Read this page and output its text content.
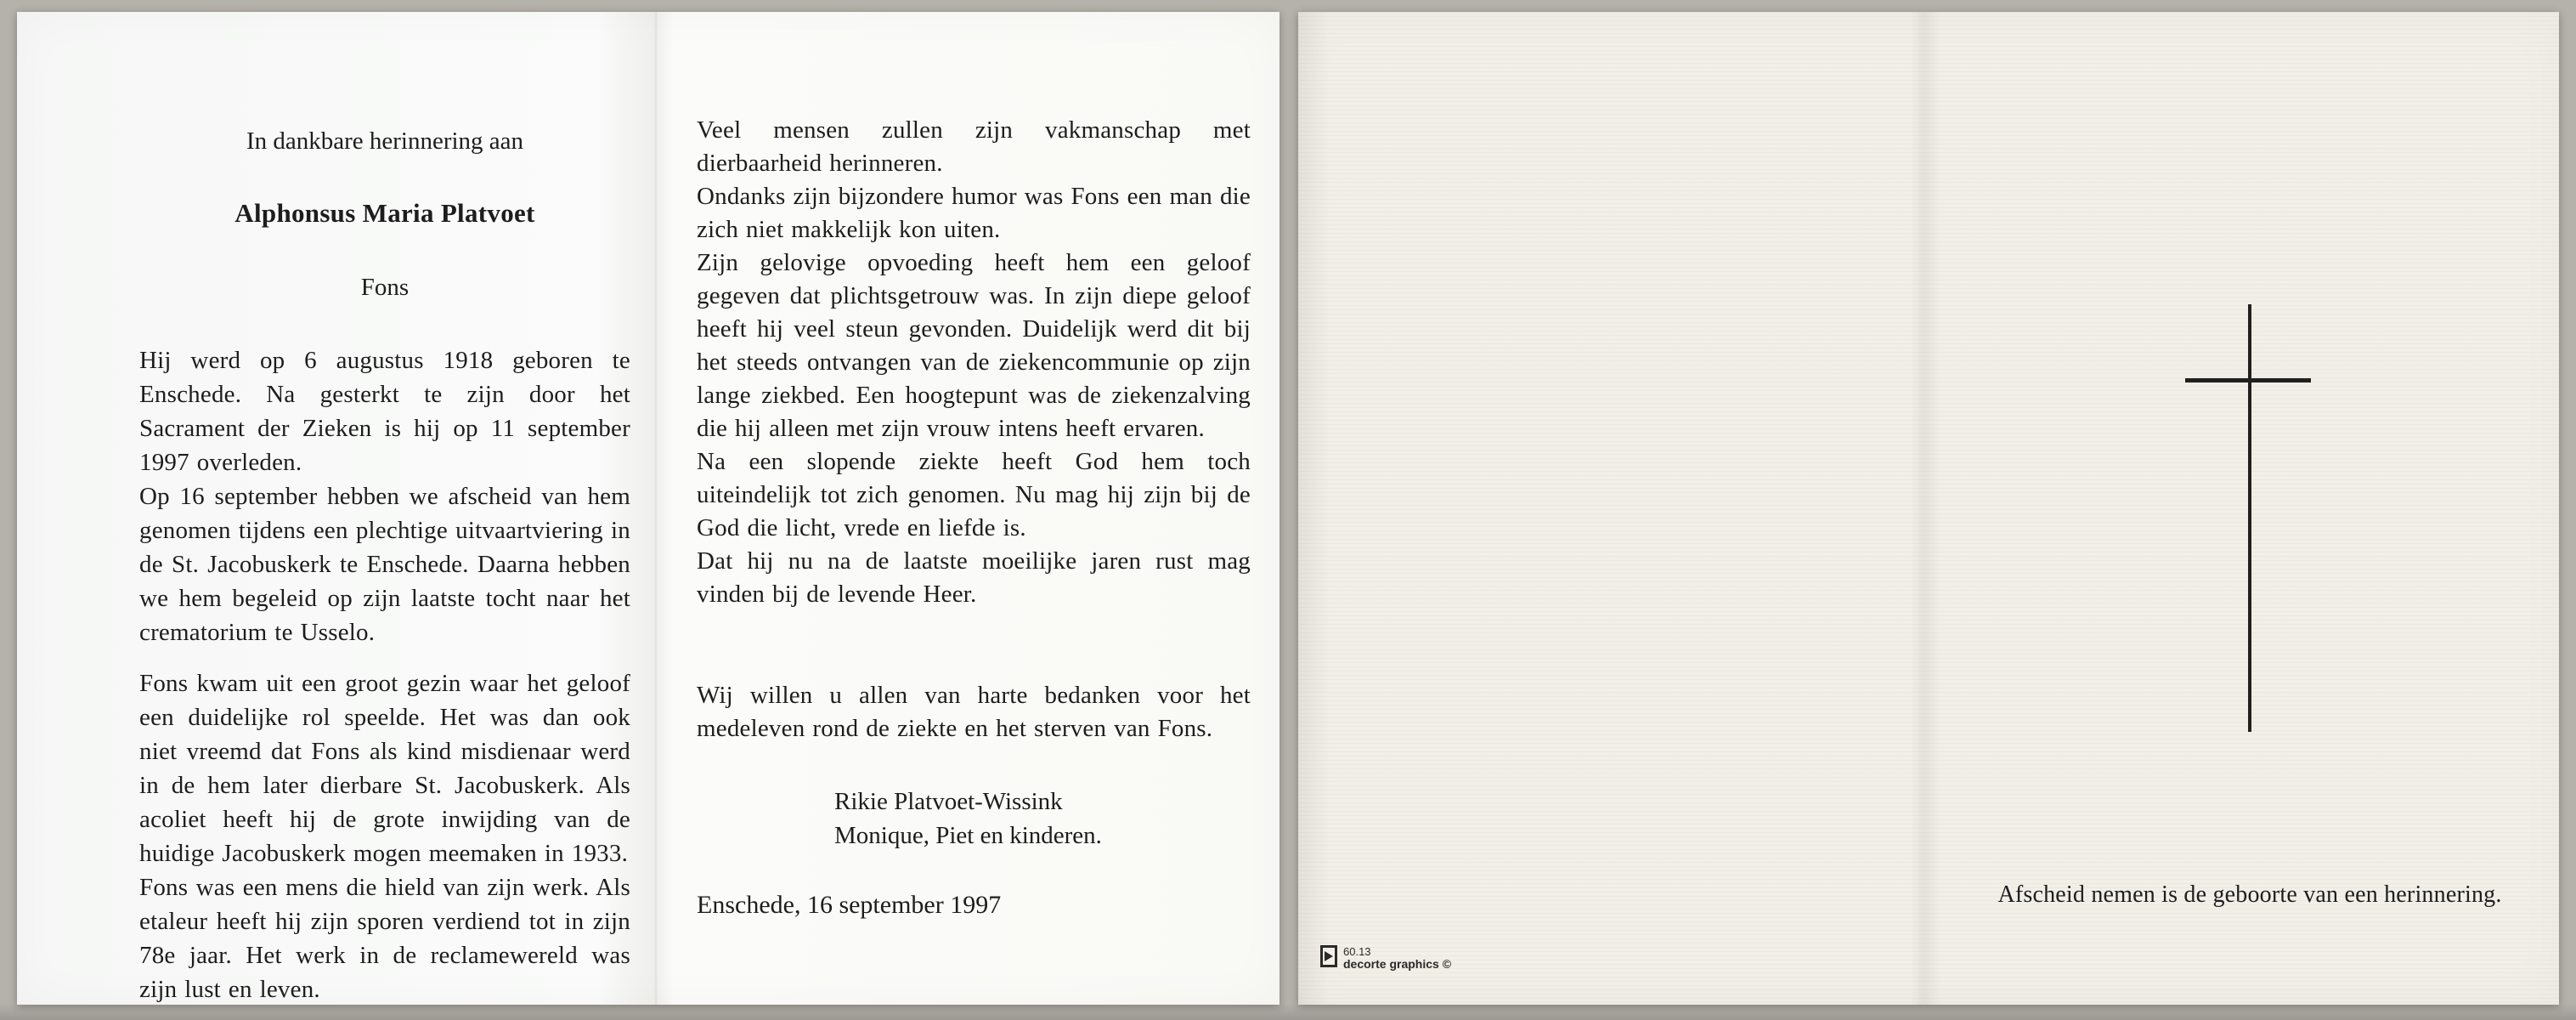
In dankbare herinnering aan

Alphonsus Maria Platvoet

Fons

Hij werd op 6 augustus 1918 geboren te Enschede. Na gesterkt te zijn door het Sacrament der Zieken is hij op 11 september 1997 overleden.

Op 16 september hebben we afscheid van hem genomen tijdens een plechtige uitvaartviering in de St. Jacobuskerk te Enschede. Daarna hebben we hem begeleid op zijn laatste tocht naar het crematorium te Usselo.

Fons kwam uit een groot gezin waar het geloof een duidelijke rol speelde. Het was dan ook niet vreemd dat Fons als kind misdienaar werd in de hem later dierbare St. Jacobuskerk. Als acoliet heeft hij de grote inwijding van de huidige Jacobuskerk mogen meemaken in 1933.

Fons was een mens die hield van zijn werk. Als etaleur heeft hij zijn sporen verdiend tot in zijn 78e jaar. Het werk in de reclamewereld was zijn lust en leven.

Veel mensen zullen zijn vakmanschap met dierbaarheid herinneren.

Ondanks zijn bijzondere humor was Fons een man die zich niet makkelijk kon uiten.

Zijn gelovige opvoeding heeft hem een geloof gegeven dat plichtsgetrouw was. In zijn diepe geloof heeft hij veel steun gevonden. Duidelijk werd dit bij het steeds ontvangen van de ziekencommunie op zijn lange ziekbed. Een hoogtepunt was de ziekenzalving die hij alleen met zijn vrouw intens heeft ervaren.

Na een slopende ziekte heeft God hem toch uiteindelijk tot zich genomen. Nu mag hij zijn bij de God die licht, vrede en liefde is.

Dat hij nu na de laatste moeilijke jaren rust mag vinden bij de levende Heer.

Wij willen u allen van harte bedanken voor het medeleven rond de ziekte en het sterven van Fons.

Rikie Platvoet-Wissink
Monique, Piet en kinderen.

Enschede, 16 september 1997	Afscheid nemen is de geboorte van een herinnering.

60.13
decorte graphics ©
